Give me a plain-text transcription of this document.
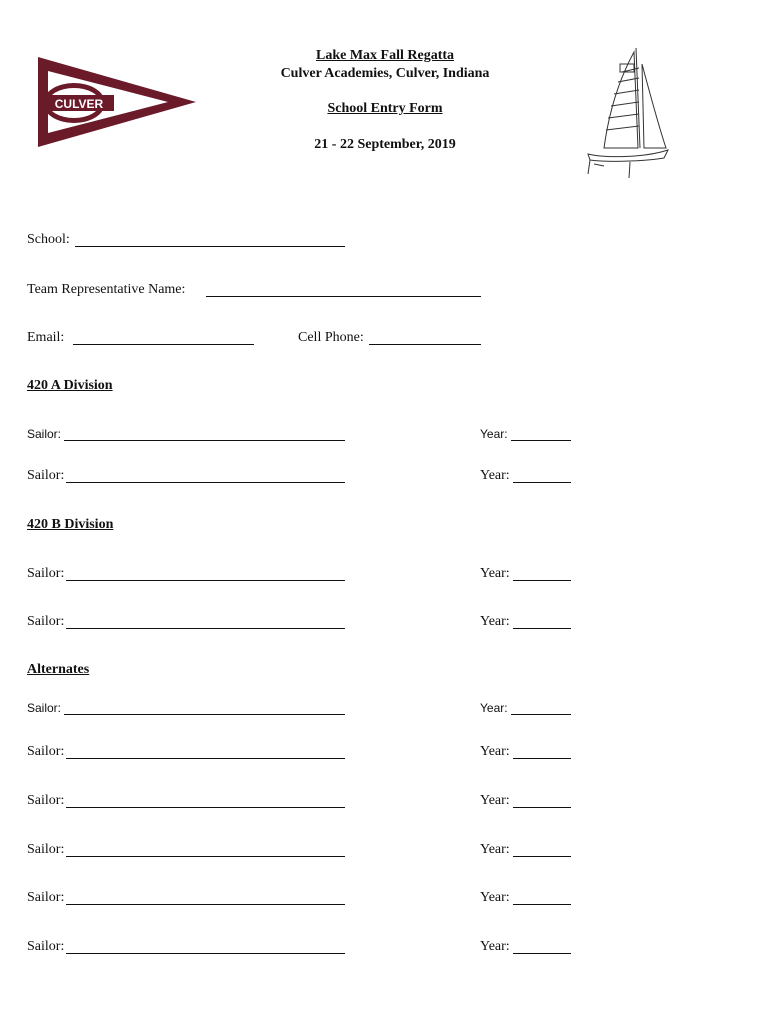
CULVER
Lake Max Fall Regatta
Culver Academies, Culver, Indiana
School Entry Form
21 - 22 September, 2019
School:
Team Representative Name:
Email:	Cell Phone:
420 A Division
Sailor:	Year:
Sailor:	Year:
420 B Division
Sailor:	Year:
Sailor:	Year:
Alternates
Sailor:	Year:
Sailor:	Year:
Sailor:	Year:
Sailor:	Year:
Sailor:	Year:
Sailor:	Year:
